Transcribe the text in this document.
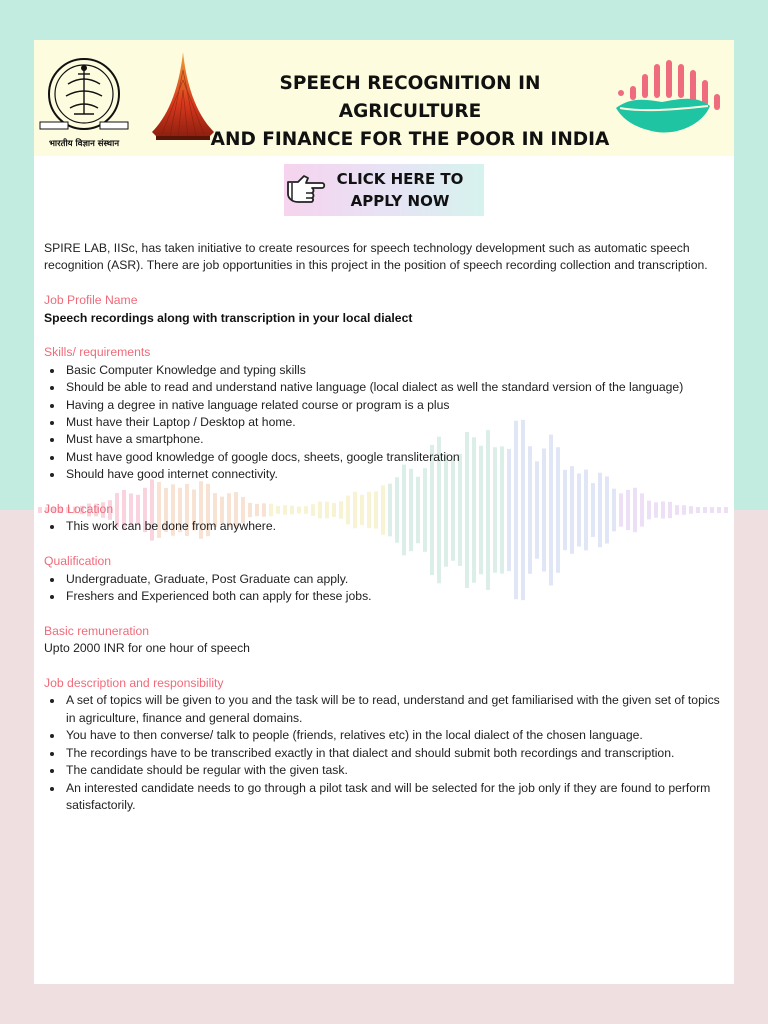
भारतीय विज्ञान संस्थान
SPEECH RECOGNITION IN AGRICULTURE
AND FINANCE FOR THE POOR IN INDIA
CLICK HERE TO
APPLY NOW

SPIRE LAB, IISc, has taken initiative to create resources for speech technology development such as automatic speech recognition (ASR). There are job opportunities in this project in the position of speech recording collection and transcription.

Job Profile Name

Speech recordings along with transcription in your local dialect

Skills/ requirements

• Basic Computer Knowledge and typing skills
• Should be able to read and understand native language (local dialect as well the standard version of the language)
• Having a degree in native language related course or program is a plus
• Must have their Laptop / Desktop at home.
• Must have a smartphone.
• Must have good knowledge of google docs, sheets, google transliteration
• Should have good internet connectivity.

Job Location

• This work can be done from anywhere.

Qualification

• Undergraduate, Graduate, Post Graduate can apply.
• Freshers and Experienced both can apply for these jobs.

Basic remuneration

Upto 2000 INR for one hour of speech

Job description and responsibility

• A set of topics will be given to you and the task will be to read, understand and get familiarised with the given set of topics in agriculture, finance and general domains.
• You have to then converse/ talk to people (friends, relatives etc) in the local dialect of the chosen language.
• The recordings have to be transcribed exactly in that dialect and should submit both recordings and transcription.
• The candidate should be regular with the given task.
• An interested candidate needs to go through a pilot task and will be selected for the job only if they are found to perform satisfactorily.
